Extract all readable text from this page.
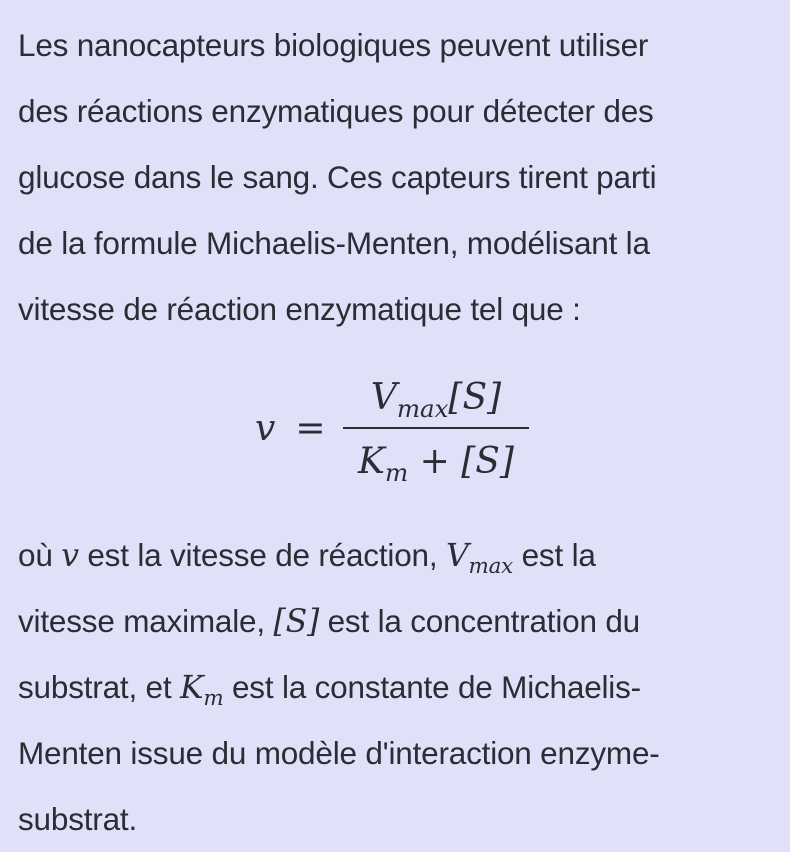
Les nanocapteurs biologiques peuvent utiliser
des réactions enzymatiques pour détecter des
glucose dans le sang. Ces capteurs tirent parti
de la formule Michaelis-Menten, modélisant la
vitesse de réaction enzymatique tel que :

v =
$V_{max}[S]$
$K_m + [S]$

où v est la vitesse de réaction, $V_{max}$ est la
vitesse maximale, [S] est la concentration du
substrat, et $K_m$ est la constante de Michaelis-
Menten issue du modèle d'interaction enzyme-
substrat.
